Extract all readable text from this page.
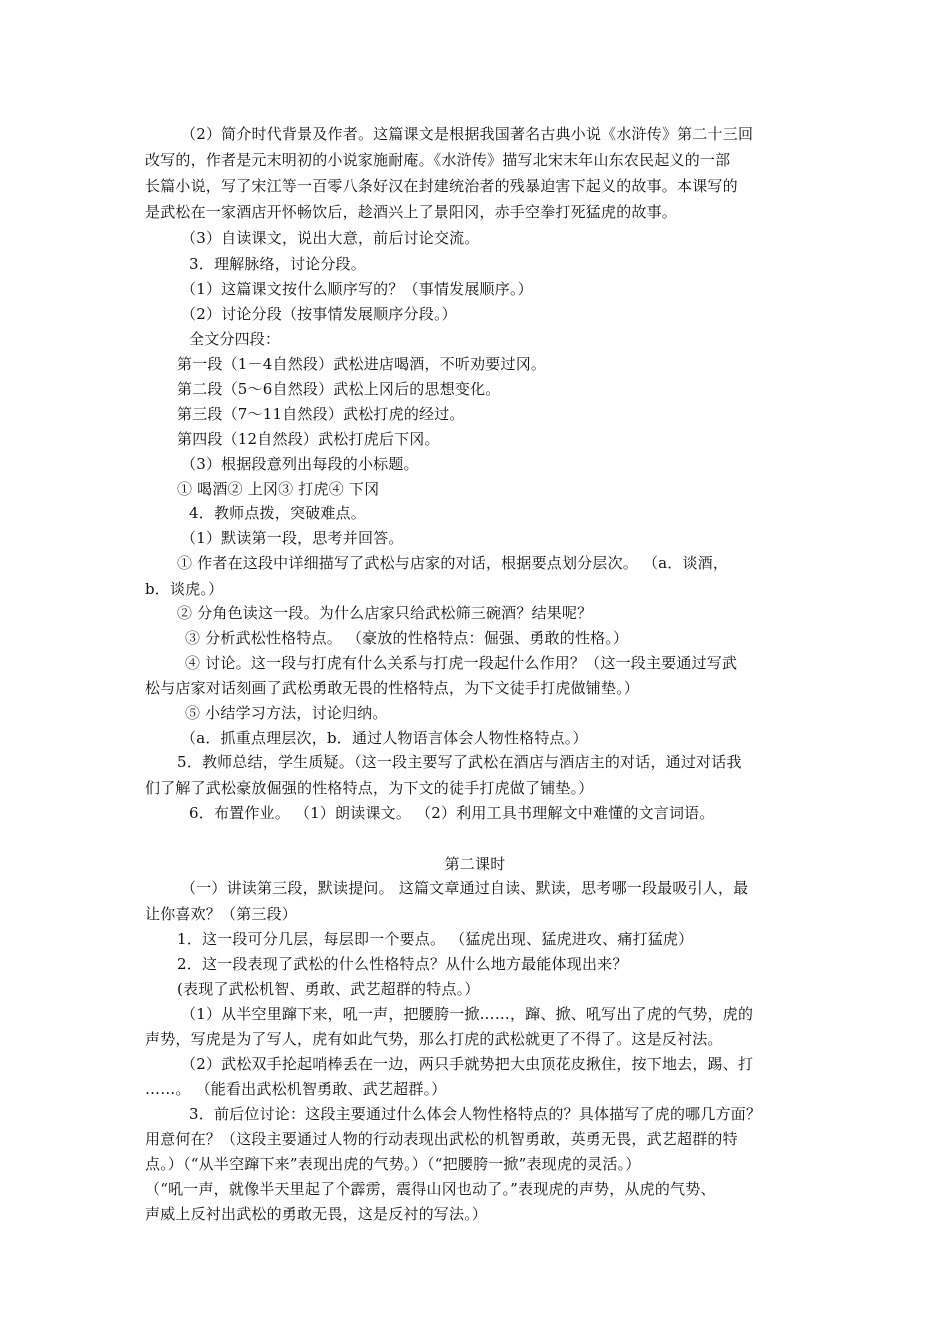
（2）简介时代背景及作者。这篇课文是根据我国著名古典小说《水浒传》第二十三回
改写的，作者是元末明初的小说家施耐庵。《水浒传》描写北宋末年山东农民起义的一部
长篇小说，写了宋江等一百零八条好汉在封建统治者的残暴迫害下起义的故事。本课写的
是武松在一家酒店开怀畅饮后，趁酒兴上了景阳冈，赤手空拳打死猛虎的故事。
（3）自读课文，说出大意，前后讨论交流。
3．理解脉络，讨论分段。
（1）这篇课文按什么顺序写的？（事情发展顺序。）
（2）讨论分段（按事情发展顺序分段。）
全文分四段：
第一段（1－4自然段）武松进店喝酒，不听劝要过冈。
第二段（5～6自然段）武松上冈后的思想变化。
第三段（7～11自然段）武松打虎的经过。
第四段（12自然段）武松打虎后下冈。
（3）根据段意列出每段的小标题。
① 喝酒② 上冈③ 打虎④ 下冈
4．教师点拨，突破难点。
（1）默读第一段，思考并回答。
① 作者在这段中详细描写了武松与店家的对话，根据要点划分层次。 （a．谈酒，
b．谈虎。）
② 分角色读这一段。为什么店家只给武松筛三碗酒？结果呢？
③ 分析武松性格特点。 （豪放的性格特点：倔强、勇敢的性格。）
④ 讨论。这一段与打虎有什么关系与打虎一段起什么作用？（这一段主要通过写武
松与店家对话刻画了武松勇敢无畏的性格特点，为下文徒手打虎做铺垫。）
⑤ 小结学习方法，讨论归纳。
（a．抓重点理层次，b．通过人物语言体会人物性格特点。）
5．教师总结，学生质疑。（这一段主要写了武松在酒店与酒店主的对话，通过对话我
们了解了武松豪放倔强的性格特点，为下文的徒手打虎做了铺垫。）
6．布置作业。 （1）朗读课文。 （2）利用工具书理解文中难懂的文言词语。
第二课时
（一）讲读第三段，默读提问。 这篇文章通过自读、默读，思考哪一段最吸引人，最
让你喜欢？（第三段）
1．这一段可分几层，每层即一个要点。 （猛虎出现、猛虎进攻、痛打猛虎）
2．这一段表现了武松的什么性格特点？从什么地方最能体现出来？
(表现了武松机智、勇敢、武艺超群的特点。）
（1）从半空里蹿下来，吼一声，把腰胯一掀……，蹿、掀、吼写出了虎的气势，虎的
声势，写虎是为了写人，虎有如此气势，那么打虎的武松就更了不得了。这是反衬法。
（2）武松双手抡起哨棒丢在一边，两只手就势把大虫顶花皮揪住，按下地去，踢、打
……。 （能看出武松机智勇敢、武艺超群。）
3．前后位讨论：这段主要通过什么体会人物性格特点的？具体描写了虎的哪几方面？
用意何在？（这段主要通过人物的行动表现出武松的机智勇敢，英勇无畏，武艺超群的特
点。）（“从半空蹿下来”表现出虎的气势。）（“把腰胯一掀”表现虎的灵活。）
（“吼一声，就像半天里起了个霹雳，震得山冈也动了。”表现虎的声势，从虎的气势、
声威上反衬出武松的勇敢无畏，这是反衬的写法。）
